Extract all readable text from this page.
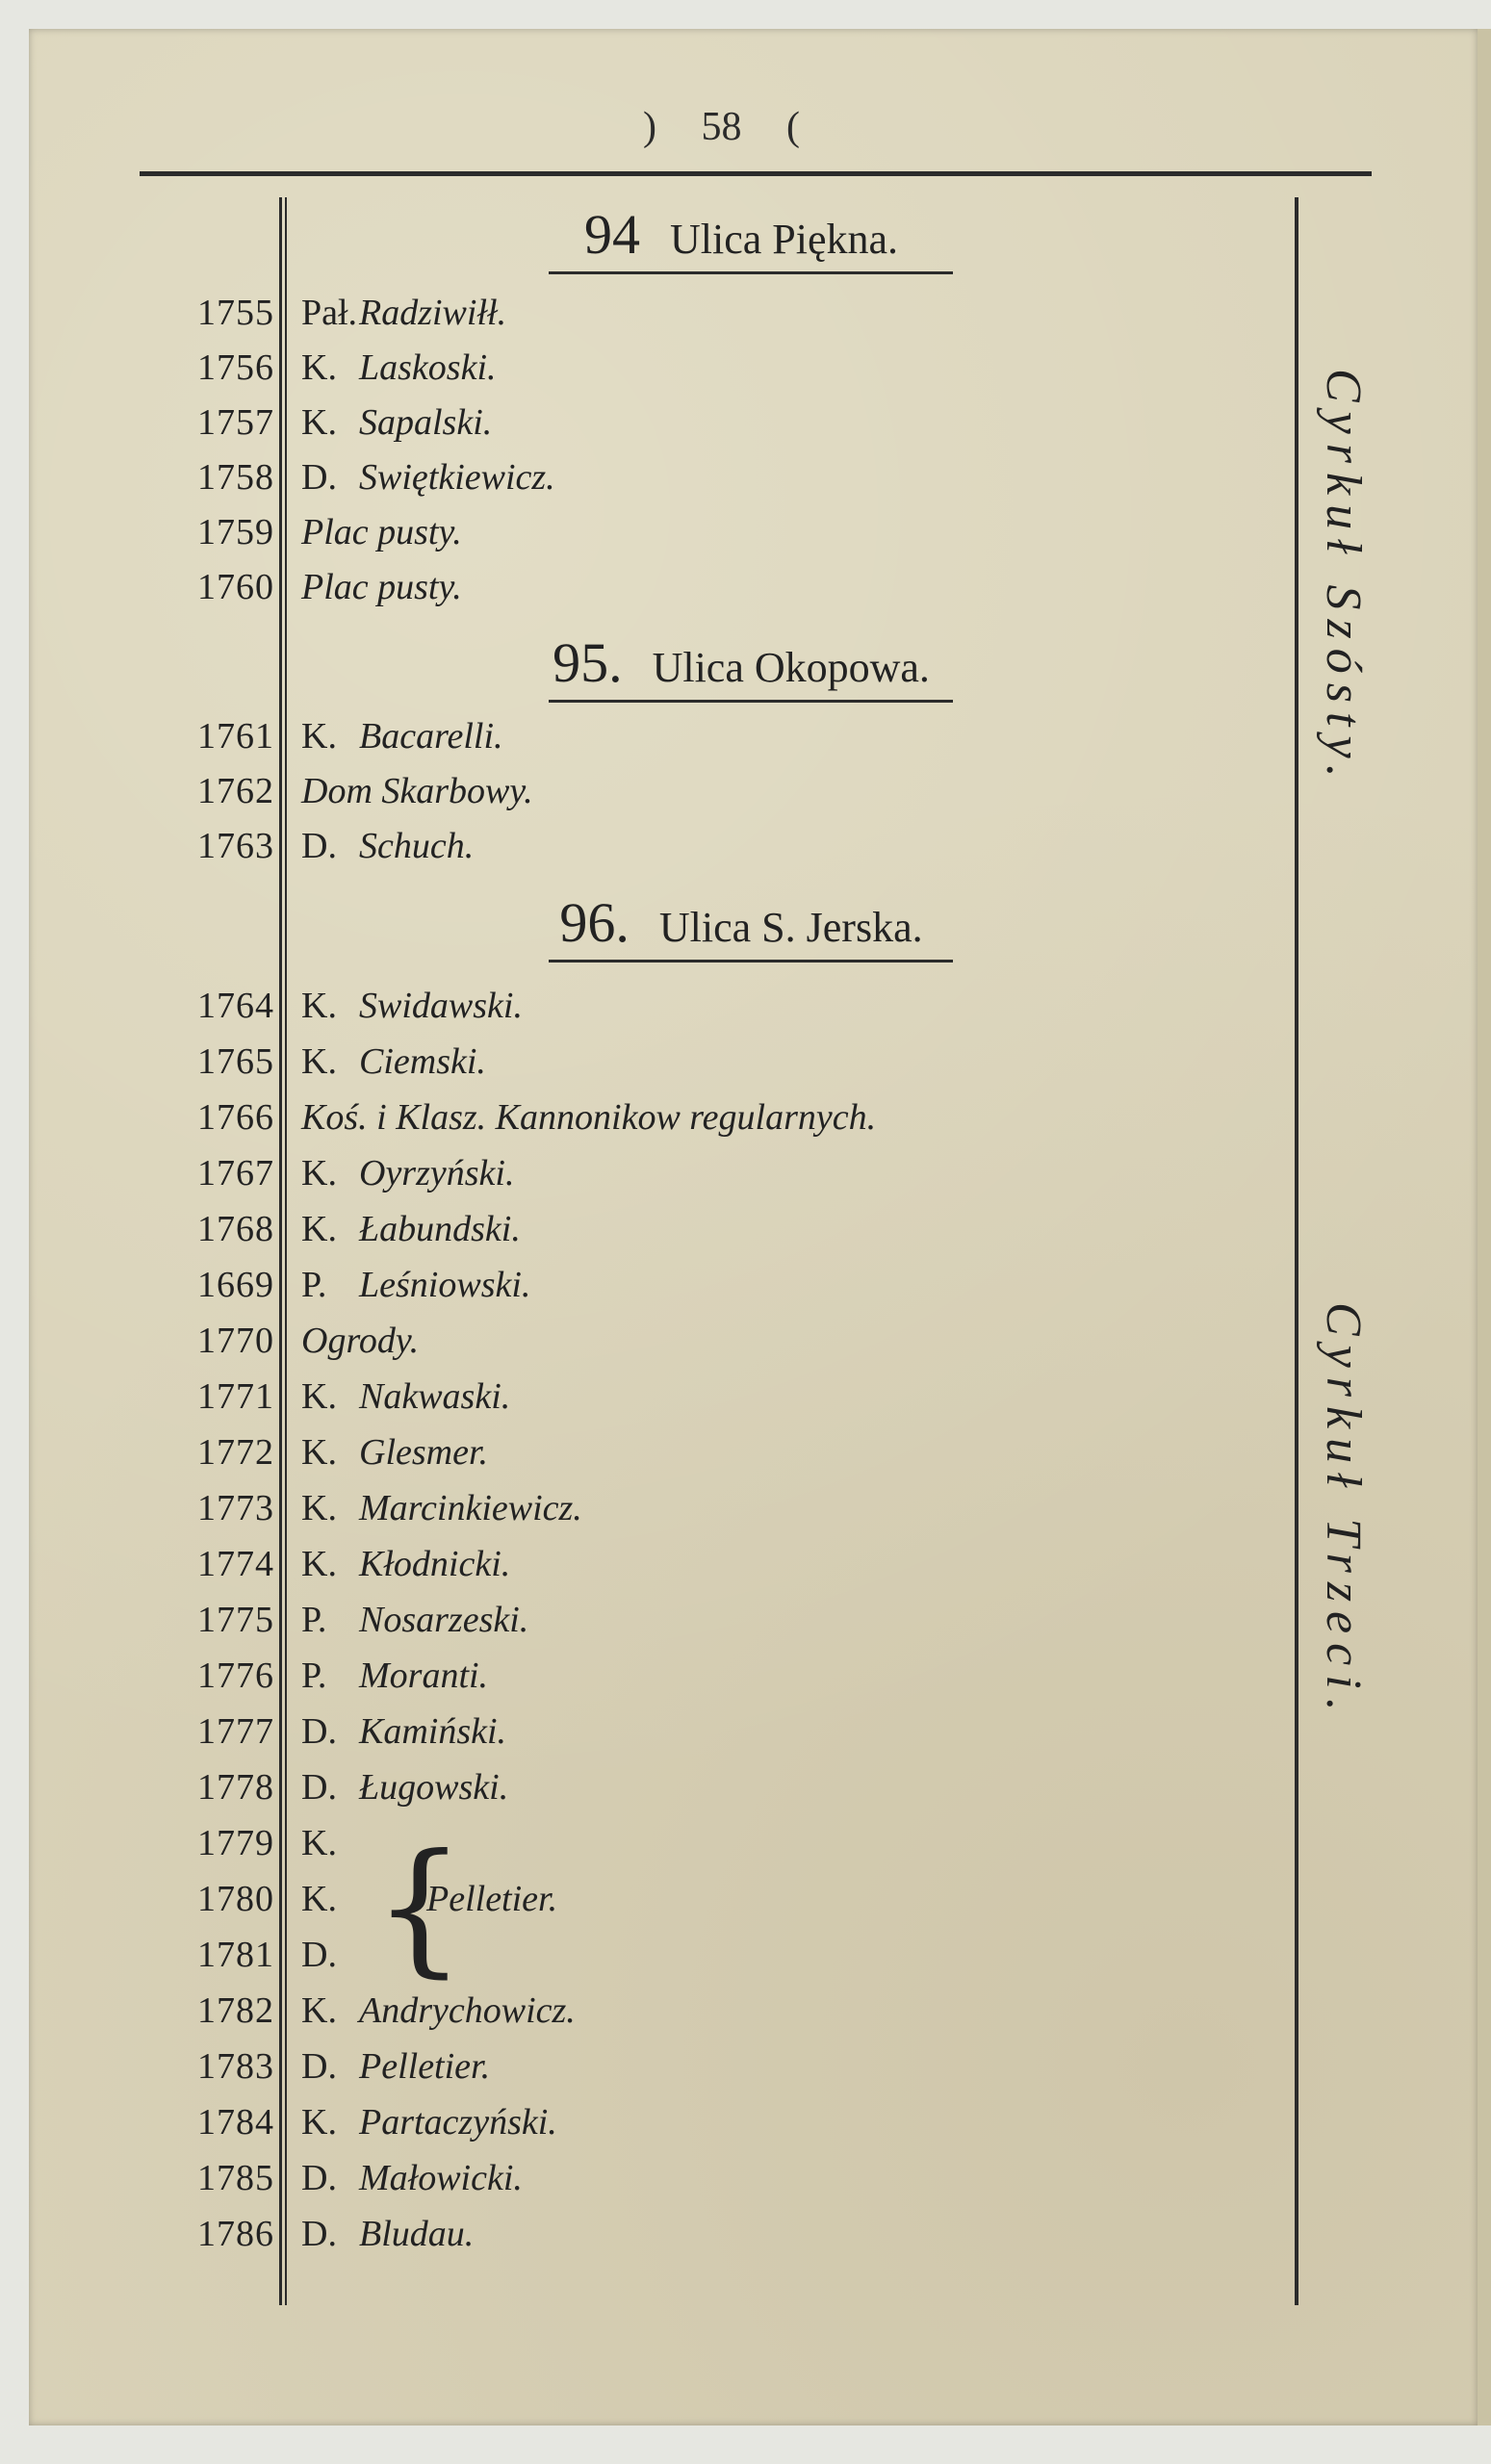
) 58 (
94 Ulica Piękna.
1755 Pał. Radziwiłł.
1756 K. Laskoski.
1757 K. Sapalski.
1758 D. Swiętkiewicz.
1759 Plac pusty.
1760 Plac pusty.
95. Ulica Okopowa.
1761 K. Bacarelli.
1762 Dom Skarbowy.
1763 D. Schuch.
96. Ulica S. Jerska.
1764 K. Swidawski.
1765 K. Ciemski.
1766 Koś. i Klasz. Kannonikow regularnych.
1767 K. Oyrzyński.
1768 K. Łabundski.
1669 P. Leśniowski.
1770 Ogrody.
1771 K. Nakwaski.
1772 K. Glesmer.
1773 K. Marcinkiewicz.
1774 K. Kłodnicki.
1775 P. Nosarzeski.
1776 P. Moranti.
1777 D. Kamiński.
1778 D. Ługowski.
1779 K.
1780 K.	Pelletier.
1781 D.
1782 K. Andrychowicz.
1783 D. Pelletier.
1784 K. Partaczyński.
1785 D. Małowicki.
1786 D. Bludau.
{
Cyrkuł Szósty.
Cyrkuł Trzeci.
